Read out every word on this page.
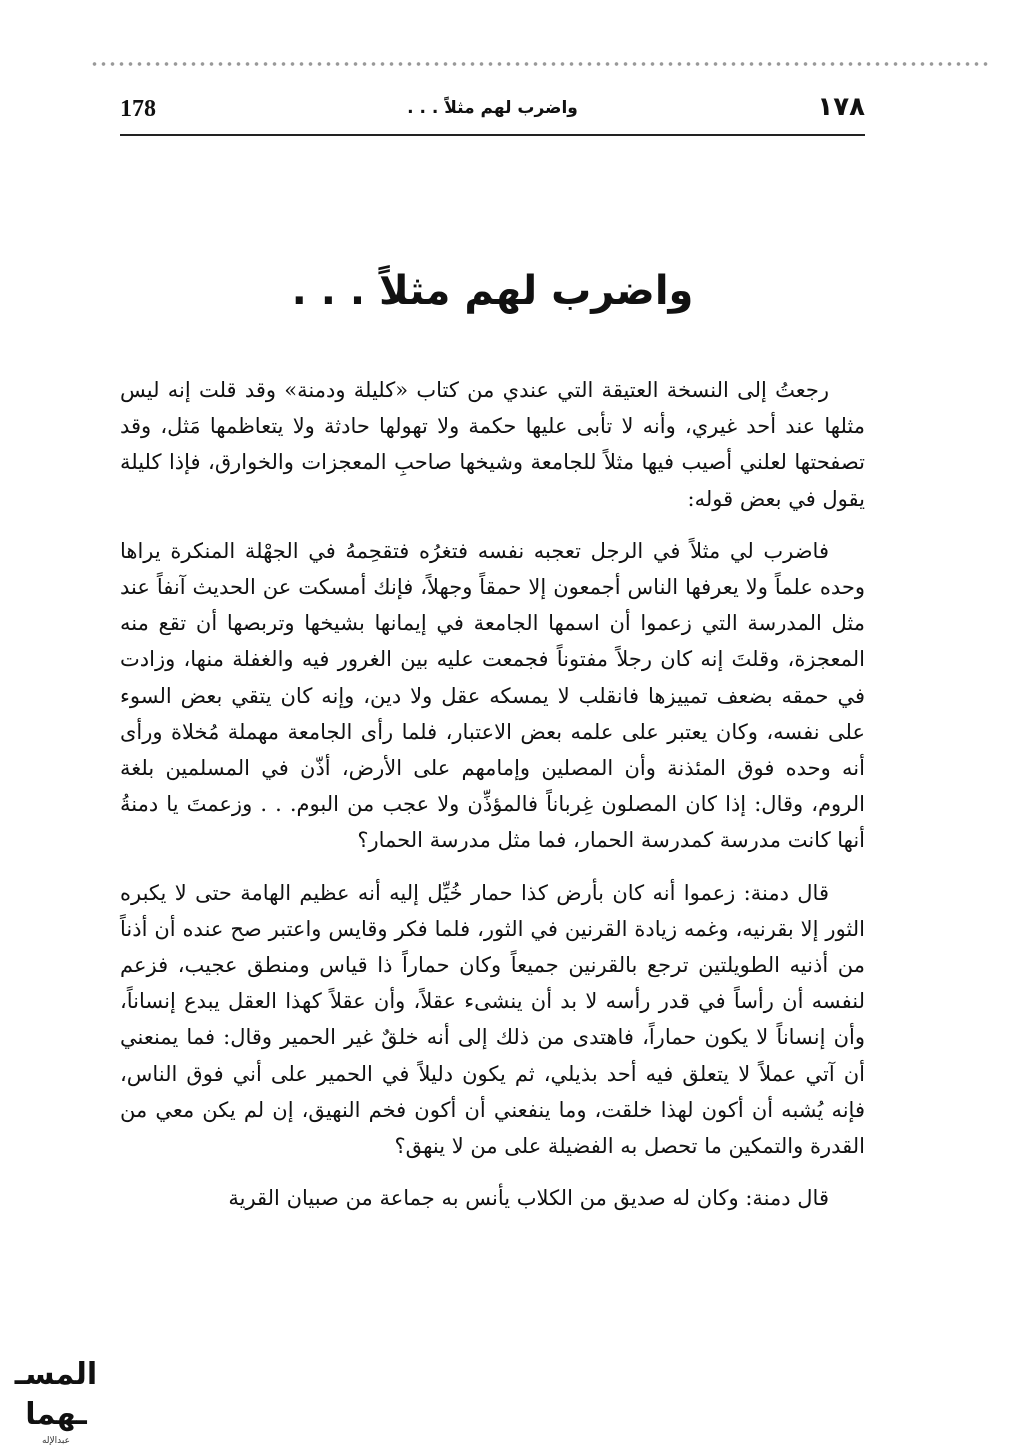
178	واضرب لهم مثلاً . . .	١٧٨
واضرب لهم مثلاً . . .

رجعتُ إلى النسخة العتيقة التي عندي من كتاب «كليلة ودمنة» وقد قلت إنه ليس مثلها عند أحد غيري، وأنه لا تأبى عليها حكمة ولا تهولها حادثة ولا يتعاظمها مَثل، وقد تصفحتها لعلني أصيب فيها مثلاً للجامعة وشيخها صاحبِ المعجزات والخوارق، فإذا كليلة يقول في بعض قوله:

فاضرب لي مثلاً في الرجل تعجبه نفسه فتغرُه فتقحِمهُ في الجهْلة المنكرة يراها وحده علماً ولا يعرفها الناس أجمعون إلا حمقاً وجهلاً، فإنك أمسكت عن الحديث آنفاً عند مثل المدرسة التي زعموا أن اسمها الجامعة في إيمانها بشيخها وتربصها أن تقع منه المعجزة، وقلتَ إنه كان رجلاً مفتوناً فجمعت عليه بين الغرور فيه والغفلة منها، وزادت في حمقه بضعف تمييزها فانقلب لا يمسكه عقل ولا دين، وإنه كان يتقي بعض السوء على نفسه، وكان يعتبر على علمه بعض الاعتبار، فلما رأى الجامعة مهملة مُخلاة ورأى أنه وحده فوق المئذنة وأن المصلين وإمامهم على الأرض، أذّن في المسلمين بلغة الروم، وقال: إذا كان المصلون غِرباناً فالمؤذِّن ولا عجب من البوم. . . وزعمتَ يا دمنةُ أنها كانت مدرسة كمدرسة الحمار، فما مثل مدرسة الحمار؟

قال دمنة: زعموا أنه كان بأرض كذا حمار خُيِّل إليه أنه عظيم الهامة حتى لا يكبره الثور إلا بقرنيه، وغمه زيادة القرنين في الثور، فلما فكر وقايس واعتبر صح عنده أن أذناً من أذنيه الطويلتين ترجع بالقرنين جميعاً وكان حماراً ذا قياس ومنطق عجيب، فزعم لنفسه أن رأساً في قدر رأسه لا بد أن ينشىء عقلاً، وأن عقلاً كهذا العقل يبدع إنساناً، وأن إنساناً لا يكون حماراً، فاهتدى من ذلك إلى أنه خلقٌ غير الحمير وقال: فما يمنعني أن آتي عملاً لا يتعلق فيه أحد بذيلي، ثم يكون دليلاً في الحمير على أني فوق الناس، فإنه يُشبه أن أكون لهذا خلقت، وما ينفعني أن أكون فخم النهيق، إن لم يكن معي من القدرة والتمكين ما تحصل به الفضيلة على من لا ينهق؟

قال دمنة: وكان له صديق من الكلاب يأنس به جماعة من صبيان القرية

المسـ ـهما
عبدالإله
